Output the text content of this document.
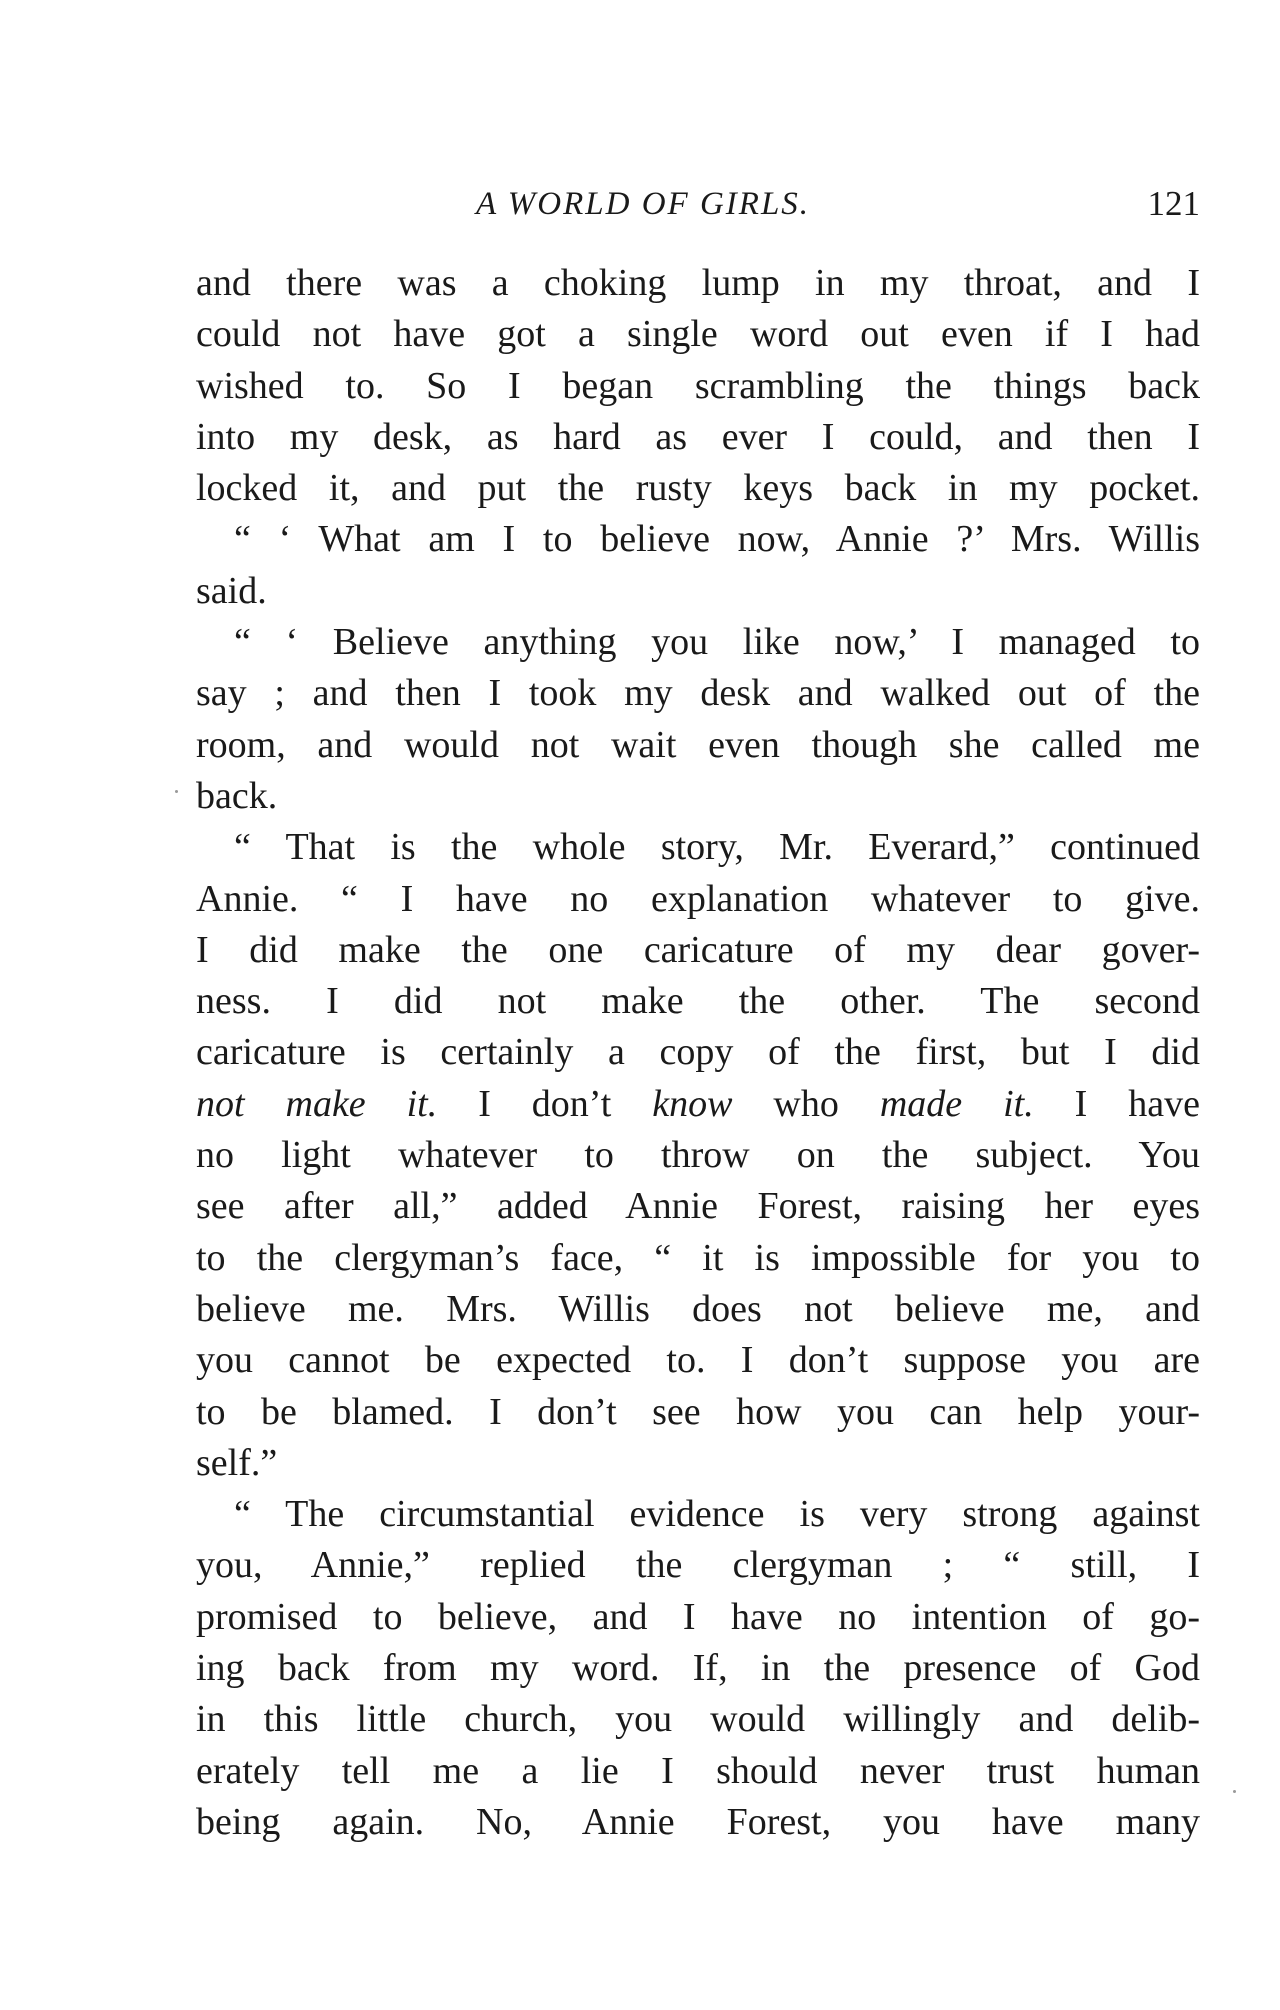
A WORLD OF GIRLS.	121
and there was a choking lump in my throat, and I
could not have got a single word out even if I had
wished to. So I began scrambling the things back
into my desk, as hard as ever I could, and then I
locked it, and put the rusty keys back in my pocket.
“ ‘ What am I to believe now, Annie ?’ Mrs. Willis
said.
“ ‘ Believe anything you like now,’ I managed to
say ; and then I took my desk and walked out of the
room, and would not wait even though she called me
back.
“ That is the whole story, Mr. Everard,” continued
Annie. “ I have no explanation whatever to give.
I did make the one caricature of my dear gover-
ness. I did not make the other. The second
caricature is certainly a copy of the first, but I did
not make it. I don’t know who made it. I have
no light whatever to throw on the subject. You
see after all,” added Annie Forest, raising her eyes
to the clergyman’s face, “ it is impossible for you to
believe me. Mrs. Willis does not believe me, and
you cannot be expected to. I don’t suppose you are
to be blamed. I don’t see how you can help your-
self.”
“ The circumstantial evidence is very strong against
you, Annie,” replied the clergyman ; “ still, I
promised to believe, and I have no intention of go-
ing back from my word. If, in the presence of God
in this little church, you would willingly and delib-
erately tell me a lie I should never trust human
being again. No, Annie Forest, you have many
